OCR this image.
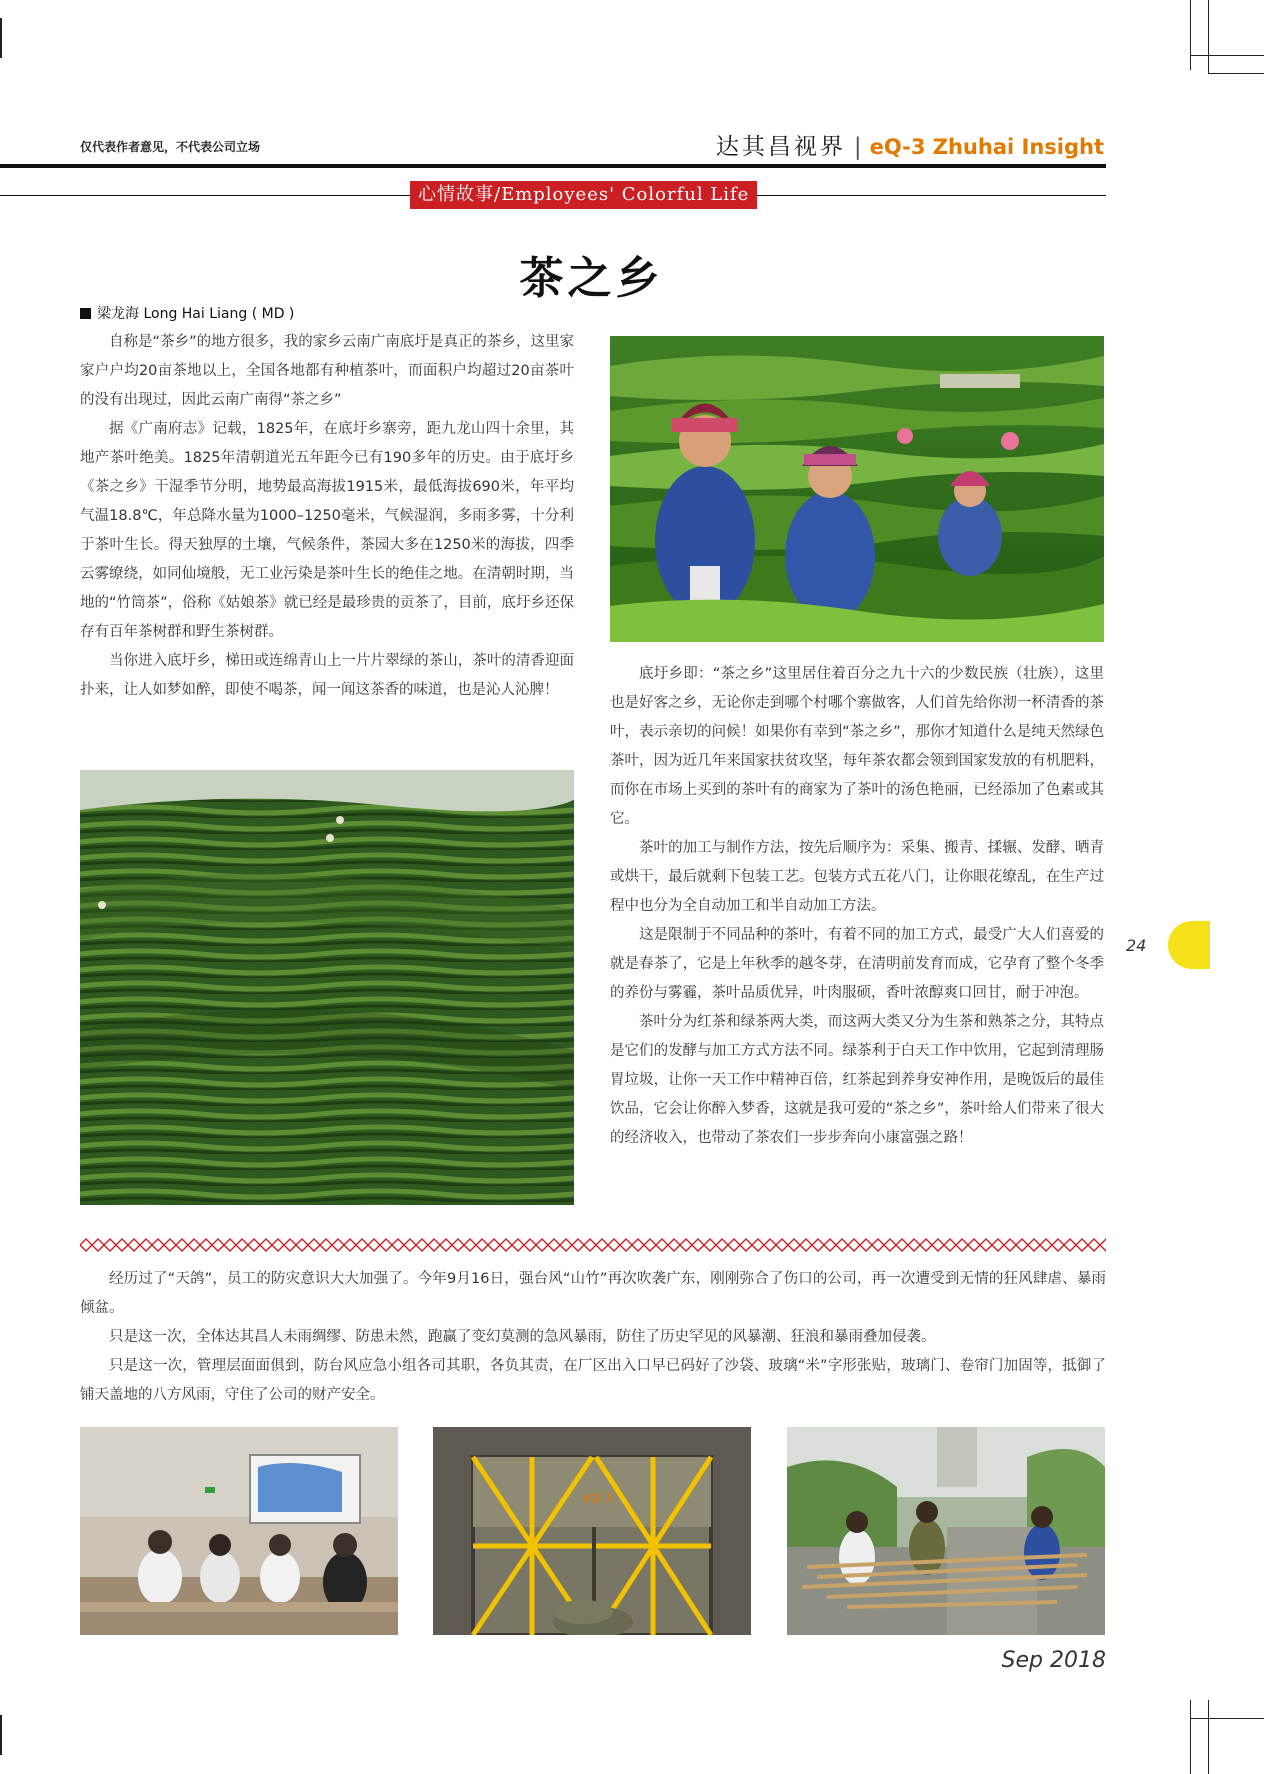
仅代表作者意见，不代表公司立场	达其昌视界 | eQ-3 Zhuhai Insight
心情故事/Employees' Colorful Life
茶之乡
梁龙海 Long Hai Liang ( MD )

自称是“茶乡”的地方很多，我的家乡云南广南底圩是真正的茶乡，这里家家户户均20亩茶地以上，全国各地都有种植茶叶，而面积户均超过20亩茶叶的没有出现过，因此云南广南得“茶之乡”

据《广南府志》记载，1825年，在底圩乡寨旁，距九龙山四十余里，其地产茶叶绝美。1825年清朝道光五年距今已有190多年的历史。由于底圩乡《茶之乡》干湿季节分明，地势最高海拔1915米，最低海拔690米，年平均气温18.8℃，年总降水量为1000–1250毫米，气候湿润，多雨多雾，十分利于茶叶生长。得天独厚的土壤，气候条件，茶园大多在1250米的海拔，四季云雾缭绕，如同仙境般，无工业污染是茶叶生长的绝佳之地。在清朝时期，当地的“竹筒茶”，俗称《姑娘茶》就已经是最珍贵的贡茶了，目前，底圩乡还保存有百年茶树群和野生茶树群。

当你进入底圩乡，梯田或连绵青山上一片片翠绿的茶山，茶叶的清香迎面扑来，让人如梦如醉，即使不喝茶，闻一闻这茶香的味道，也是沁人沁脾！

底圩乡即：“茶之乡”这里居住着百分之九十六的少数民族（壮族），这里也是好客之乡，无论你走到哪个村哪个寨做客，人们首先给你沏一杯清香的茶叶，表示亲切的问候！如果你有幸到“茶之乡”，那你才知道什么是纯天然绿色茶叶，因为近几年来国家扶贫攻坚，每年茶农都会领到国家发放的有机肥料，而你在市场上买到的茶叶有的商家为了茶叶的汤色艳丽，已经添加了色素或其它。

茶叶的加工与制作方法，按先后顺序为：采集、搬青、揉辗、发酵、晒青或烘干，最后就剩下包装工艺。包装方式五花八门，让你眼花缭乱，在生产过程中也分为全自动加工和半自动加工方法。

这是限制于不同品种的茶叶，有着不同的加工方式，最受广大人们喜爱的就是春茶了，它是上年秋季的越冬芽，在清明前发育而成，它孕育了整个冬季的养份与雾霾，茶叶品质优异，叶肉服硕，香叶浓醇爽口回甘，耐于冲泡。

茶叶分为红茶和绿茶两大类，而这两大类又分为生茶和熟茶之分，其特点是它们的发酵与加工方式方法不同。绿茶利于白天工作中饮用，它起到清理肠胃垃圾，让你一天工作中精神百倍，红茶起到养身安神作用，是晚饭后的最佳饮品，它会让你醉入梦香，这就是我可爱的“茶之乡”，茶叶给人们带来了很大的经济收入，也带动了茶农们一步步奔向小康富强之路！

24

经历过了“天鸽”，员工的防灾意识大大加强了。今年9月16日，强台风“山竹”再次吹袭广东，刚刚弥合了伤口的公司，再一次遭受到无情的狂风肆虐、暴雨倾盆。

只是这一次，全体达其昌人未雨绸缪、防患未然，跑赢了变幻莫测的急风暴雨，防住了历史罕见的风暴潮、狂浪和暴雨叠加侵袭。

只是这一次，管理层面面俱到，防台风应急小组各司其职，各负其责，在厂区出入口早已码好了沙袋、玻璃“米”字形张贴，玻璃门、卷帘门加固等，抵御了铺天盖地的八方风雨，守住了公司的财产安全。

eQ-3
Sep 2018
